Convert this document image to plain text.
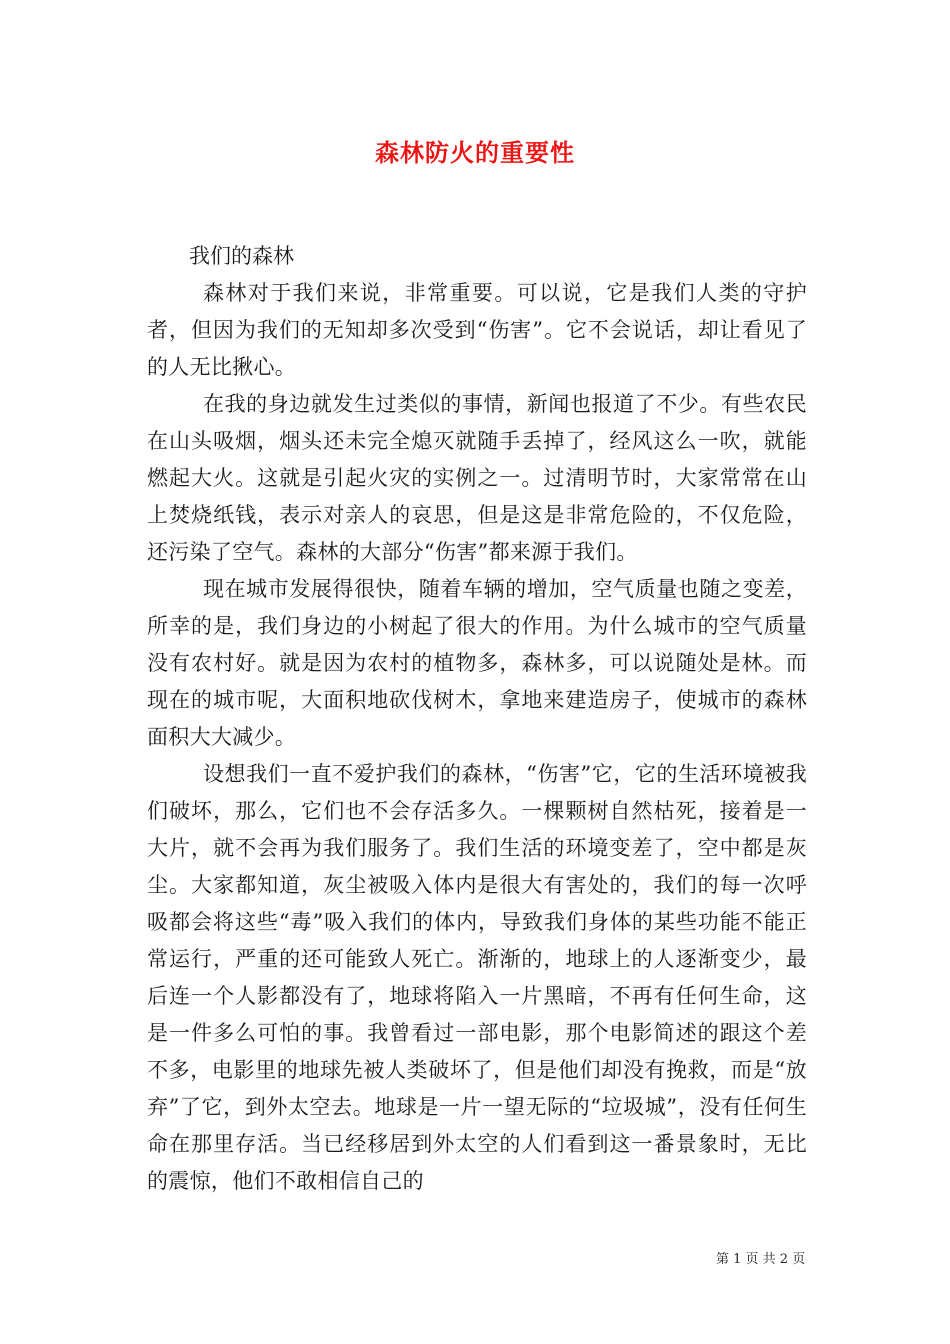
森林防火的重要性

我们的森林

森林对于我们来说，非常重要。可以说，它是我们人类的守护者，但因为我们的无知却多次受到“伤害”。它不会说话，却让看见了的人无比揪心。

在我的身边就发生过类似的事情，新闻也报道了不少。有些农民在山头吸烟，烟头还未完全熄灭就随手丢掉了，经风这么一吹，就能燃起大火。这就是引起火灾的实例之一。过清明节时，大家常常在山上焚烧纸钱，表示对亲人的哀思，但是这是非常危险的，不仅危险，还污染了空气。森林的大部分“伤害”都来源于我们。

现在城市发展得很快，随着车辆的增加，空气质量也随之变差，所幸的是，我们身边的小树起了很大的作用。为什么城市的空气质量没有农村好。就是因为农村的植物多，森林多，可以说随处是林。而现在的城市呢，大面积地砍伐树木，拿地来建造房子，使城市的森林面积大大减少。

设想我们一直不爱护我们的森林，“伤害”它，它的生活环境被我们破坏，那么，它们也不会存活多久。一棵颗树自然枯死，接着是一大片，就不会再为我们服务了。我们生活的环境变差了，空中都是灰尘。大家都知道，灰尘被吸入体内是很大有害处的，我们的每一次呼吸都会将这些“毒”吸入我们的体内，导致我们身体的某些功能不能正常运行，严重的还可能致人死亡。渐渐的，地球上的人逐渐变少，最后连一个人影都没有了，地球将陷入一片黑暗，不再有任何生命，这是一件多么可怕的事。我曾看过一部电影，那个电影简述的跟这个差不多，电影里的地球先被人类破坏了，但是他们却没有挽救，而是“放弃”了它，到外太空去。地球是一片一望无际的“垃圾城”，没有任何生命在那里存活。当已经移居到外太空的人们看到这一番景象时，无比的震惊，他们不敢相信自己的

第 1 页 共 2 页
